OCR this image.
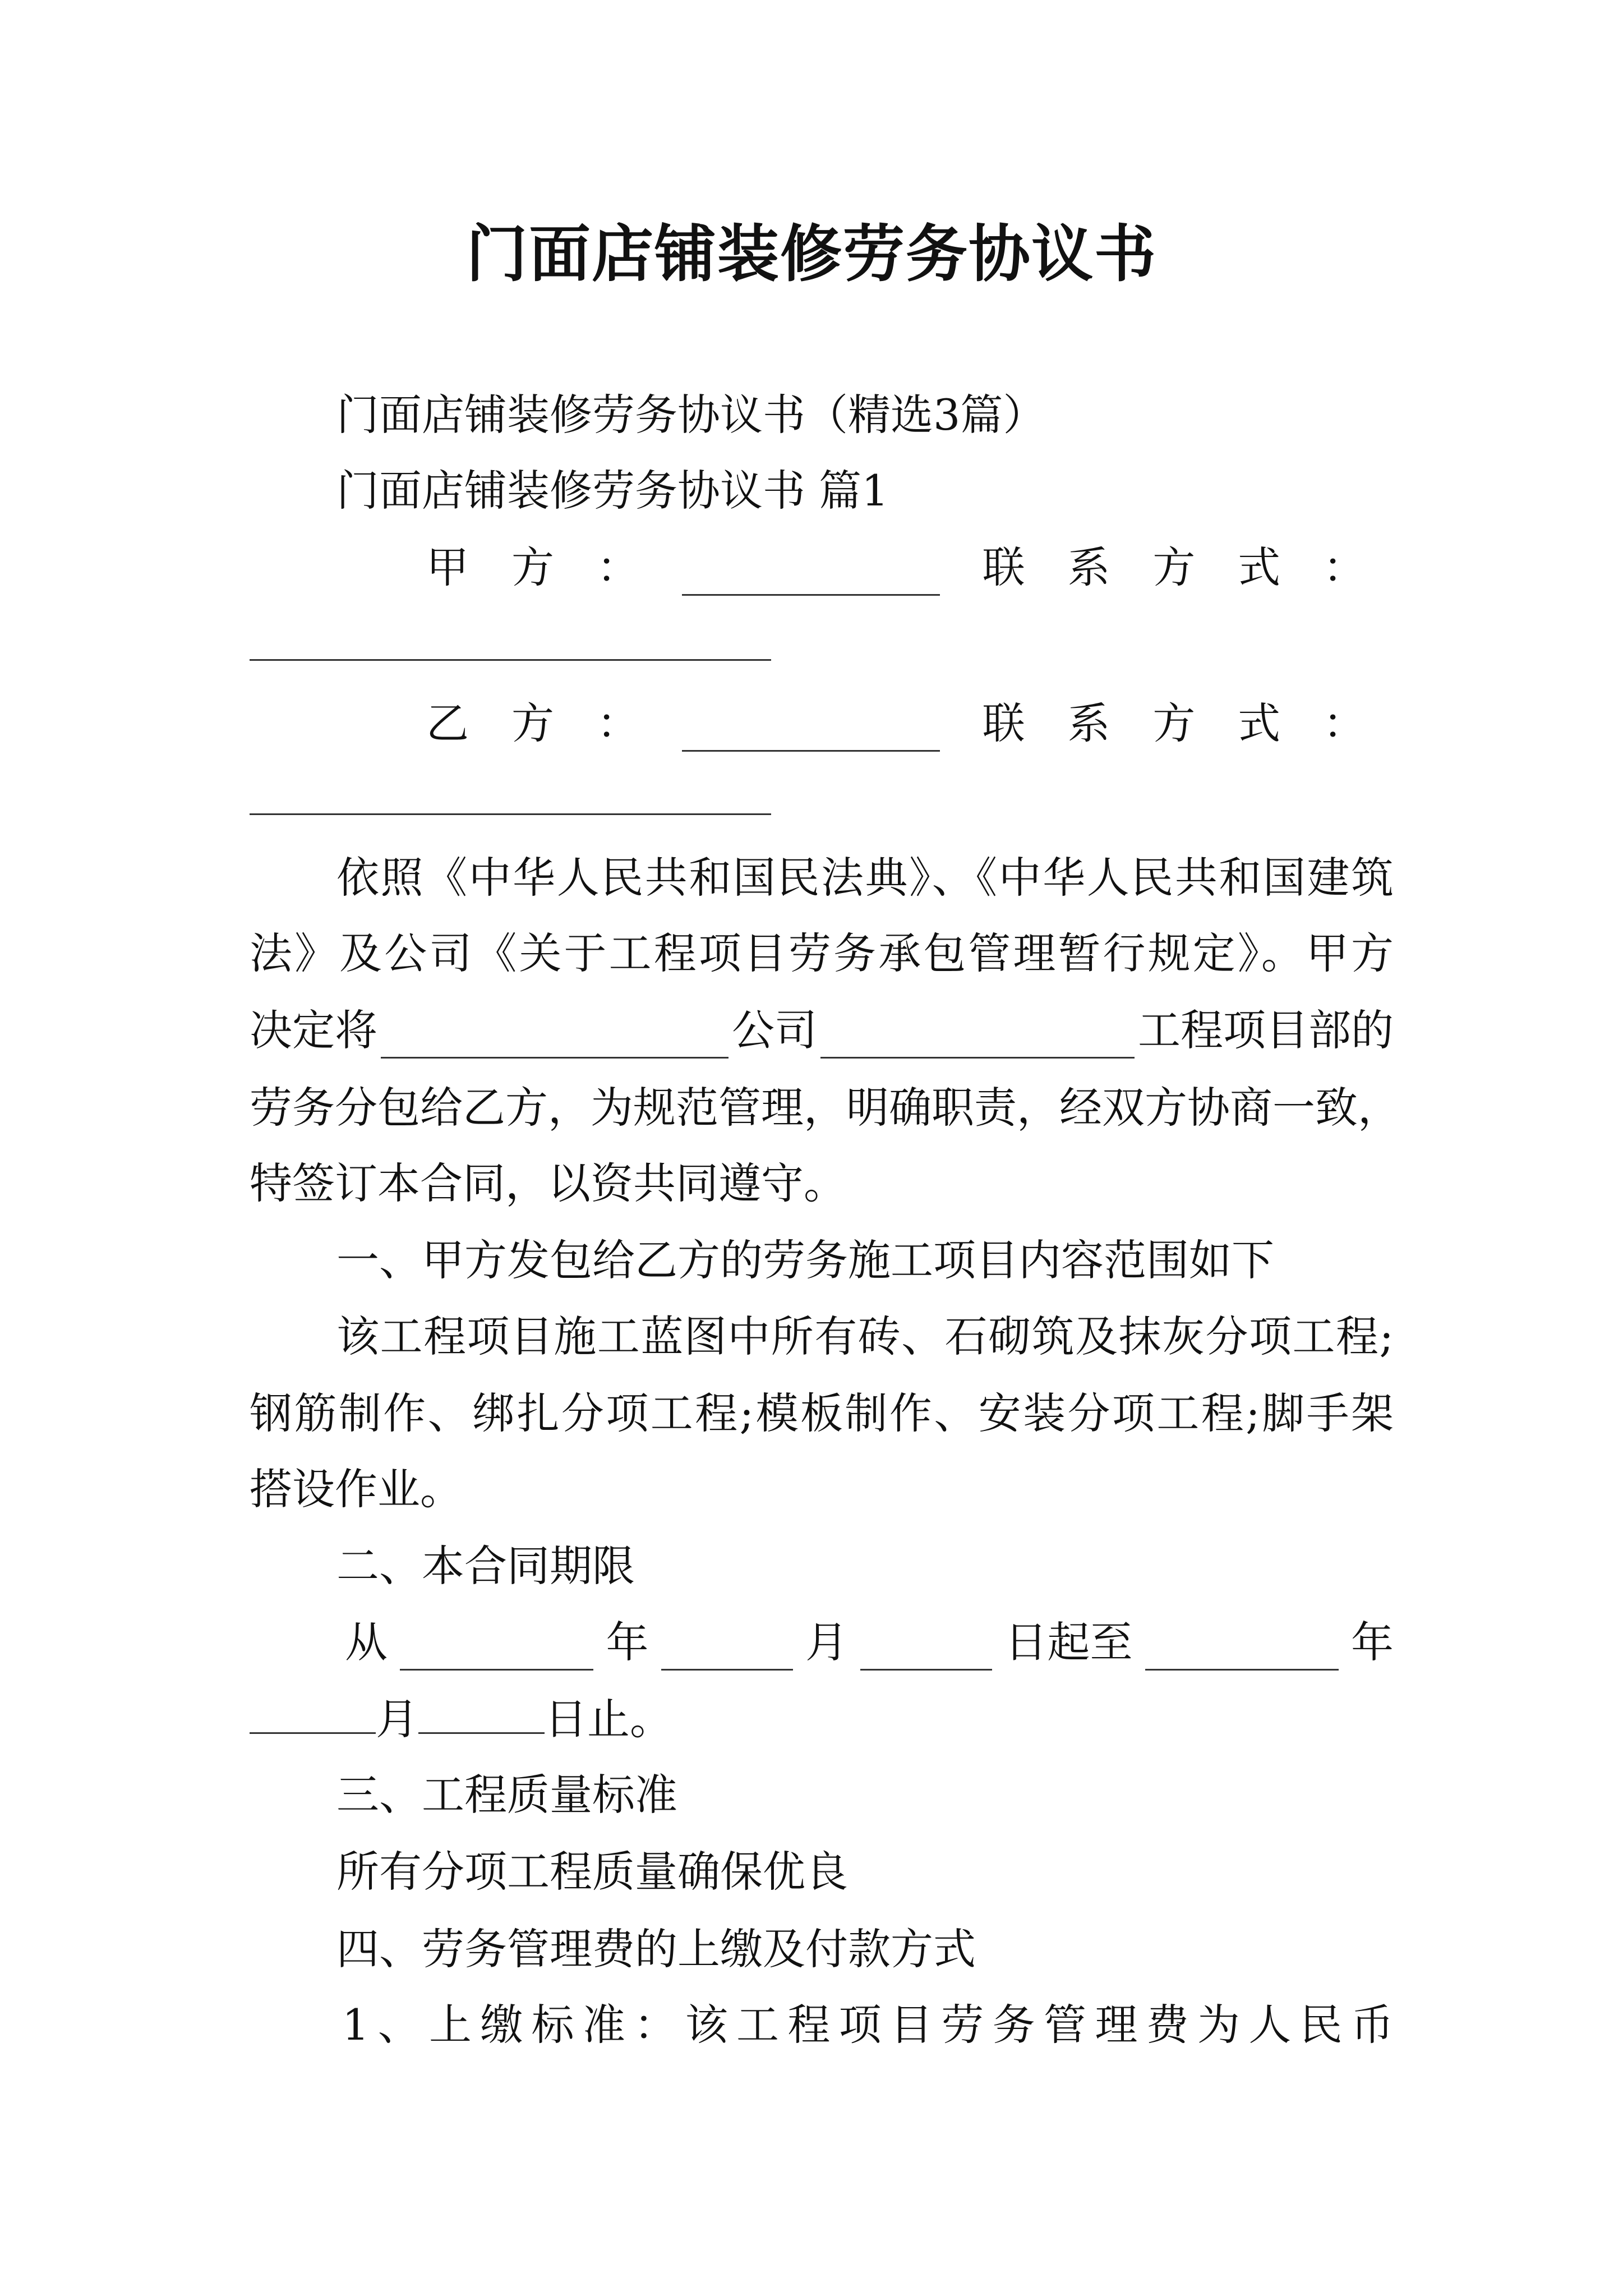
门面店铺装修劳务协议书
门面店铺装修劳务协议书（精选3篇）
门面店铺装修劳务协议书 篇1
甲　方　：	联 系 方 式 ：
乙　方　：	联 系 方 式 ：
依照《中华人民共和国民法典》、《中华人民共和国建筑
法》及公司《关于工程项目劳务承包管理暂行规定》。甲方
决定将	公司	工程项目部的
劳务分包给乙方，为规范管理，明确职责，经双方协商一致，
特签订本合同，以资共同遵守。
一、甲方发包给乙方的劳务施工项目内容范围如下
该工程项目施工蓝图中所有砖、石砌筑及抹灰分项工程;
钢筋制作、绑扎分项工程;模板制作、安装分项工程;脚手架
搭设作业。
二、本合同期限
从	年	月	日起至	年
月	日止。
三、工程质量标准
所有分项工程质量确保优良
四、劳务管理费的上缴及付款方式
1、上缴标准：该工程项目劳务管理费为人民币
